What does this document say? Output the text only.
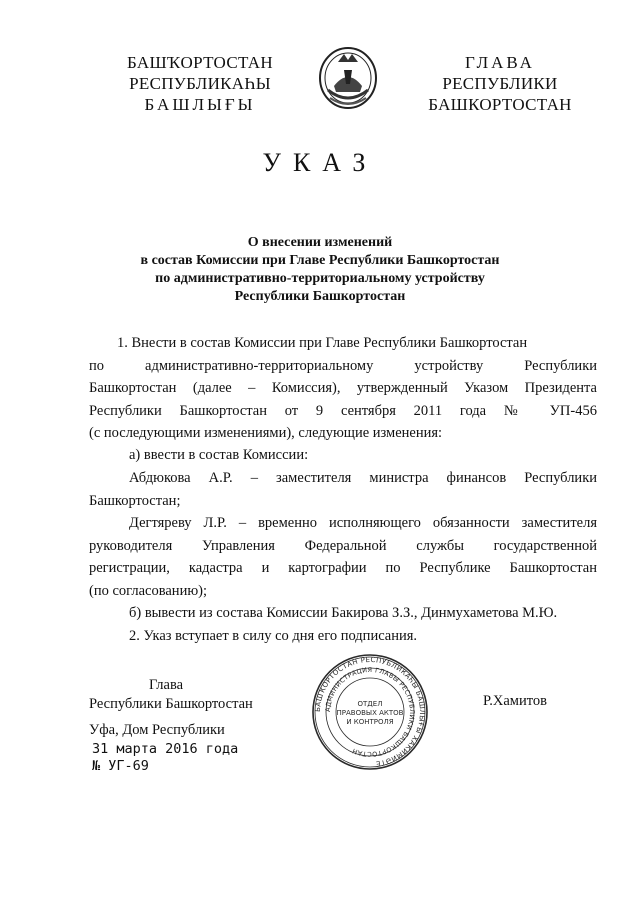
БАШҠОРТОСТАН
РЕСПУБЛИКАҺЫ
БАШЛЫҒЫ
ГЛАВА
РЕСПУБЛИКИ
БАШКОРТОСТАН
УКАЗ
О внесении изменений
в состав Комиссии при Главе Республики Башкортостан
по административно-территориальному устройству
Республики Башкортостан
1. Внести в состав Комиссии при Главе Республики Башкортостан
по административно-территориальному устройству Республики
Башкортостан (далее – Комиссия), утвержденный Указом Президента
Республики Башкортостан от 9 сентября 2011 года № УП-456
(с последующими изменениями), следующие изменения:
а) ввести в состав Комиссии:
Абдюкова А.Р. – заместителя министра финансов Республики
Башкортостан;
Дегтяреву Л.Р. – временно исполняющего обязанности заместителя
руководителя Управления Федеральной службы государственной
регистрации, кадастра и картографии по Республике Башкортостан
(по согласованию);
б) вывести из состава Комиссии Бакирова З.З., Динмухаметова М.Ю.
2. Указ вступает в силу со дня его подписания.
Глава
Республики Башкортостан	БАШҠОРТОСТАН РЕСПУБЛИКАҺЫ БАШЛЫҒЫ ХАКИМИӘТЕ
АДМИНИСТРАЦИЯ ГЛАВЫ РЕСПУБЛИКИ БАШКОРТОСТАН
ОТДЕЛ
ПРАВОВЫХ АКТОВ
И КОНТРОЛЯ
Р.Хамитов
Уфа, Дом Республики
31 марта 2016 года
№ УГ-69
